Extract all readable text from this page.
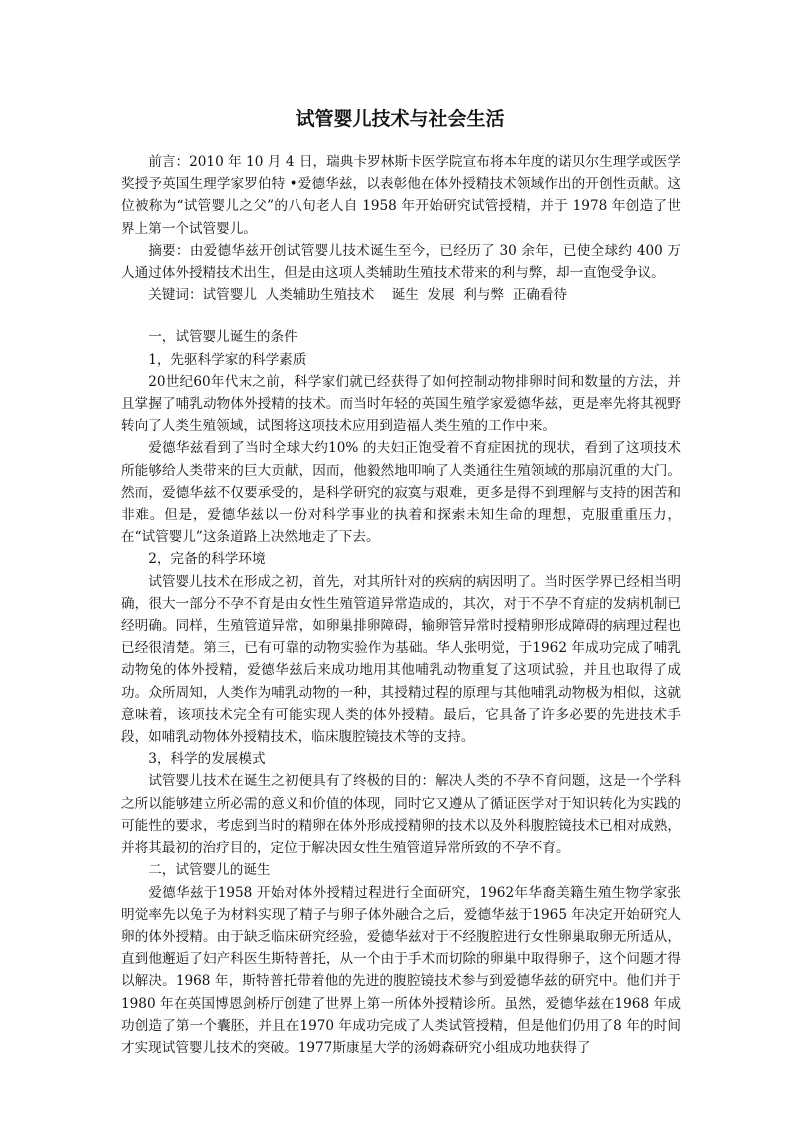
试管婴儿技术与社会生活

前言：2010 年 10 月 4 日，瑞典卡罗林斯卡医学院宣布将本年度的诺贝尔生理学或医学奖授予英国生理学家罗伯特 •爱德华兹，以表彰他在体外授精技术领域作出的开创性贡献。这位被称为“试管婴儿之父”的八旬老人自 1958 年开始研究试管授精，并于 1978 年创造了世界上第一个试管婴儿。

摘要：由爱德华兹开创试管婴儿技术诞生至今，已经历了 30 余年，已使全球约 400 万人通过体外授精技术出生，但是由这项人类辅助生殖技术带来的利与弊，却一直饱受争议。

关键词：试管婴儿  人类辅助生殖技术    诞生  发展  利与弊  正确看待

一，试管婴儿诞生的条件

1，先驱科学家的科学素质

20世纪60年代末之前，科学家们就已经获得了如何控制动物排卵时间和数量的方法，并且掌握了哺乳动物体外授精的技术。而当时年轻的英国生殖学家爱德华兹，更是率先将其视野转向了人类生殖领域，试图将这项技术应用到造福人类生殖的工作中来。

爱德华兹看到了当时全球大约10% 的夫妇正饱受着不育症困扰的现状，看到了这项技术所能够给人类带来的巨大贡献，因而，他毅然地叩响了人类通往生殖领域的那扇沉重的大门。然而，爱德华兹不仅要承受的，是科学研究的寂寞与艰难，更多是得不到理解与支持的困苦和非难。但是，爱德华兹以一份对科学事业的执着和探索未知生命的理想，克服重重压力，在“试管婴儿”这条道路上决然地走了下去。

2，完备的科学环境

试管婴儿技术在形成之初，首先，对其所针对的疾病的病因明了。当时医学界已经相当明确，很大一部分不孕不育是由女性生殖管道异常造成的，其次，对于不孕不育症的发病机制已经明确。同样，生殖管道异常，如卵巢排卵障碍，输卵管异常时授精卵形成障碍的病理过程也已经很清楚。第三，已有可靠的动物实验作为基础。华人张明觉，于1962 年成功完成了哺乳动物兔的体外授精，爱德华兹后来成功地用其他哺乳动物重复了这项试验，并且也取得了成功。众所周知，人类作为哺乳动物的一种，其授精过程的原理与其他哺乳动物极为相似，这就意味着，该项技术完全有可能实现人类的体外授精。最后，它具备了许多必要的先进技术手段，如哺乳动物体外授精技术，临床腹腔镜技术等的支持。

3，科学的发展模式

试管婴儿技术在诞生之初便具有了终极的目的：解决人类的不孕不育问题，这是一个学科之所以能够建立所必需的意义和价值的体现，同时它又遵从了循证医学对于知识转化为实践的可能性的要求，考虑到当时的精卵在体外形成授精卵的技术以及外科腹腔镜技术已相对成熟，并将其最初的治疗目的，定位于解决因女性生殖管道异常所致的不孕不育。

二，试管婴儿的诞生

爱德华兹于1958 开始对体外授精过程进行全面研究，1962年华裔美籍生殖生物学家张明觉率先以兔子为材料实现了精子与卵子体外融合之后，爱德华兹于1965 年决定开始研究人卵的体外授精。由于缺乏临床研究经验，爱德华兹对于不经腹腔进行女性卵巢取卵无所适从，直到他邂逅了妇产科医生斯特普托，从一个由于手术而切除的卵巢中取得卵子，这个问题才得以解决。1968 年，斯特普托带着他的先进的腹腔镜技术参与到爱德华兹的研究中。他们并于1980 年在英国博恩剑桥厅创建了世界上第一所体外授精诊所。虽然，爱德华兹在1968 年成功创造了第一个囊胚，并且在1970 年成功完成了人类试管授精，但是他们仍用了8 年的时间才实现试管婴儿技术的突破。1977斯康星大学的汤姆森研究小组成功地获得了
